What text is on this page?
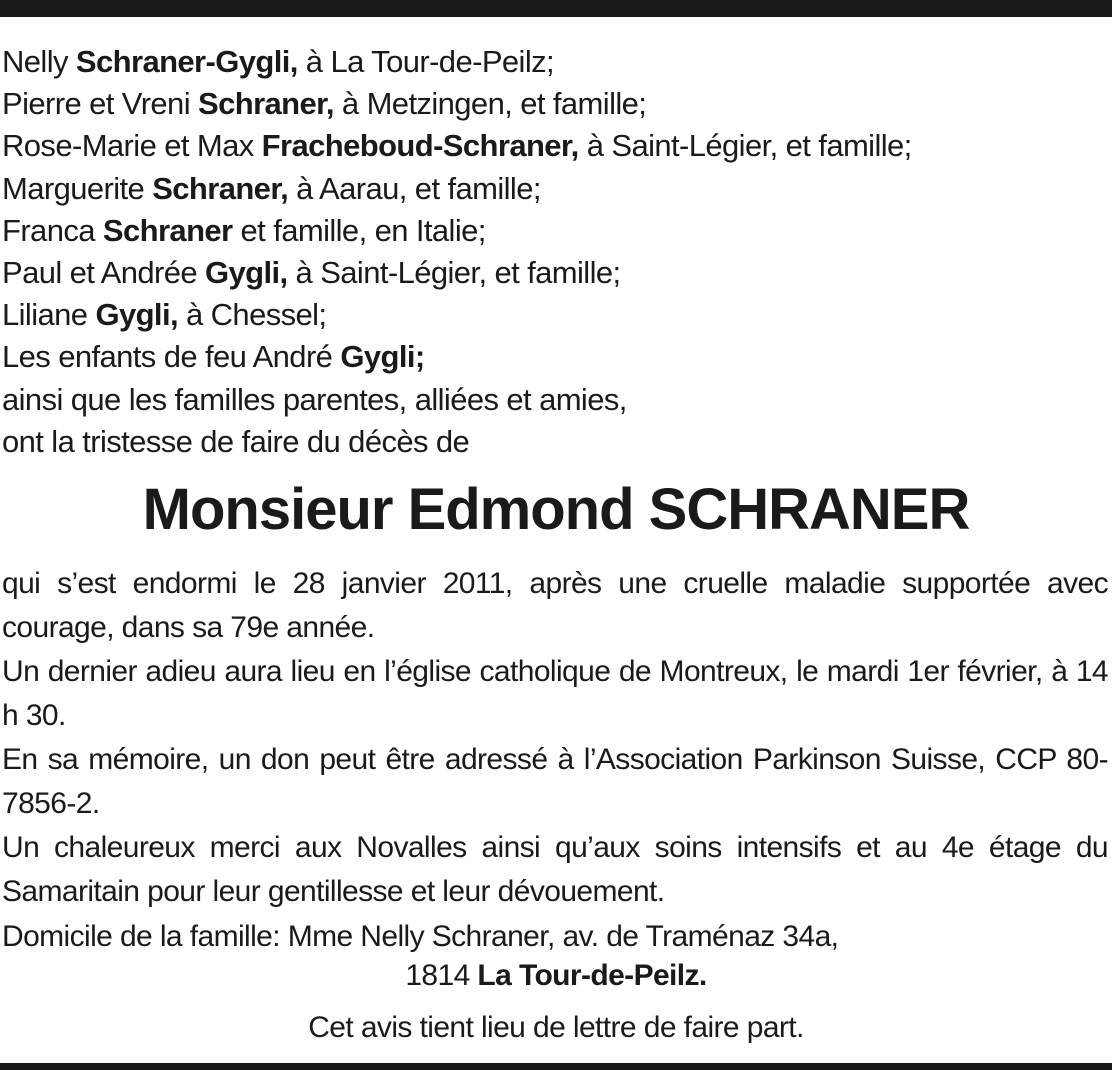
Nelly Schraner-Gygli, à La Tour-de-Peilz;
Pierre et Vreni Schraner, à Metzingen, et famille;
Rose-Marie et Max Fracheboud-Schraner, à Saint-Légier, et famille;
Marguerite Schraner, à Aarau, et famille;
Franca Schraner et famille, en Italie;
Paul et Andrée Gygli, à Saint-Légier, et famille;
Liliane Gygli, à Chessel;
Les enfants de feu André Gygli;
ainsi que les familles parentes, alliées et amies,
ont la tristesse de faire du décès de
Monsieur Edmond SCHRANER
qui s’est endormi le 28 janvier 2011, après une cruelle maladie supportée avec courage, dans sa 79e année.
Un dernier adieu aura lieu en l’église catholique de Montreux, le mardi 1er février, à 14 h 30.
En sa mémoire, un don peut être adressé à l’Association Parkinson Suisse, CCP 80-7856-2.
Un chaleureux merci aux Novalles ainsi qu’aux soins intensifs et au 4e étage du Samaritain pour leur gentillesse et leur dévouement.
Domicile de la famille: Mme Nelly Schraner, av. de Traménaz 34a,
1814 La Tour-de-Peilz.
Cet avis tient lieu de lettre de faire part.
